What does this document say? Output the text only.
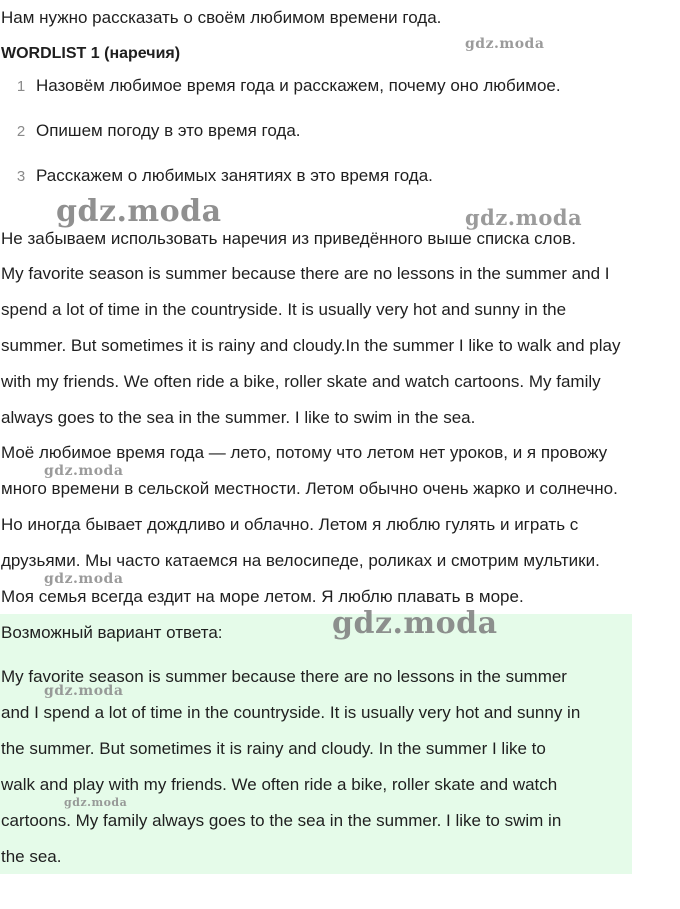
Нам нужно рассказать о своём любимом времени года.
WORDLIST 1 (наречия)
1 Назовём любимое время года и расскажем, почему оно любимое.
2 Опишем погоду в это время года.
3 Расскажем о любимых занятиях в это время года.
Не забываем использовать наречия из приведённого выше списка слов.
My favorite season is summer because there are no lessons in the summer and I
spend a lot of time in the countryside. It is usually very hot and sunny in the
summer. But sometimes it is rainy and cloudy.In the summer I like to walk and play
with my friends. We often ride a bike, roller skate and watch cartoons. My family
always goes to the sea in the summer. I like to swim in the sea.
Моё любимое время года — лето, потому что летом нет уроков, и я провожу
много времени в сельской местности. Летом обычно очень жарко и солнечно.
Но иногда бывает дождливо и облачно. Летом я люблю гулять и играть с
друзьями. Мы часто катаемся на велосипеде, роликах и смотрим мультики.
Моя семья всегда ездит на море летом. Я люблю плавать в море.
Возможный вариант ответа:
My favorite season is summer because there are no lessons in the summer
and I spend a lot of time in the countryside. It is usually very hot and sunny in
the summer. But sometimes it is rainy and cloudy. In the summer I like to
walk and play with my friends. We often ride a bike, roller skate and watch
cartoons. My family always goes to the sea in the summer. I like to swim in
the sea.
gdz.moda
gdz.moda	gdz.moda
gdz.moda
gdz.moda
gdz.moda
gdz.moda
gdz.moda
